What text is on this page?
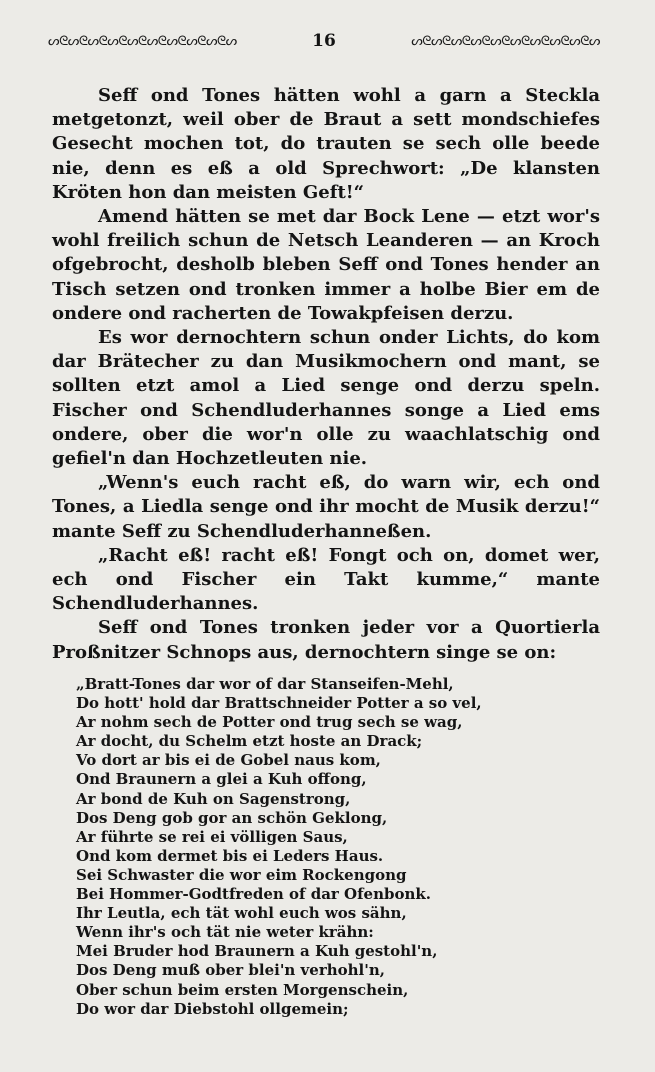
ᔕᘓᔕᘓᔕᘓᔕᘓᔕᘓᔕᘓᔕᘓᔕᘓᔕᘓᔕ	16	ᔕᘓᔕᘓᔕᘓᔕᘓᔕᘓᔕᘓᔕᘓᔕᘓᔕᘓᔕ

Seff ond Tones hätten wohl a garn a Steckla metgetonzt, weil ober de Braut a sett mondschiefes Gesecht mochen tot, do trauten se sech olle beede nie, denn es eß a old Sprechwort: „De klansten Kröten hon dan meisten Geft!“

Amend hätten se met dar Bock Lene — etzt wor's wohl freilich schun de Netsch Leanderen — an Kroch ofgebrocht, desholb bleben Seff ond Tones hender an Tisch setzen ond tronken immer a holbe Bier em de ondere ond racherten de Towakpfeisen derzu.

Es wor dernochtern schun onder Lichts, do kom dar Brätecher zu dan Musikmochern ond mant, se sollten etzt amol a Lied senge ond derzu speln. Fischer ond Schendluderhannes songe a Lied ems ondere, ober die wor'n olle zu waachlatschig ond gefiel'n dan Hochzetleuten nie.

„Wenn's euch racht eß, do warn wir, ech ond Tones, a Liedla senge ond ihr mocht de Musik derzu!“ mante Seff zu Schendluderhanneßen.

„Racht eß! racht eß! Fongt och on, domet wer, ech ond Fischer ein Takt kumme,“ mante Schendluderhannes.

Seff ond Tones tronken jeder vor a Quortierla Proßnitzer Schnops aus, dernochtern singe se on:

„Bratt-Tones dar wor of dar Stanseifen-Mehl,
Do hott' hold dar Brattschneider Potter a so vel,
Ar nohm sech de Potter ond trug sech se wag,
Ar docht, du Schelm etzt hoste an Drack;
Vo dort ar bis ei de Gobel naus kom,
Ond Braunern a glei a Kuh offong,
Ar bond de Kuh on Sagenstrong,
Dos Deng gob gor an schön Geklong,
Ar führte se rei ei völligen Saus,
Ond kom dermet bis ei Leders Haus.
Sei Schwaster die wor eim Rockengong
Bei Hommer-Godtfreden of dar Ofenbonk.
Ihr Leutla, ech tät wohl euch wos sähn,
Wenn ihr's och tät nie weter krähn:
Mei Bruder hod Braunern a Kuh gestohl'n,
Dos Deng muß ober blei'n verhohl'n,
Ober schun beim ersten Morgenschein,
Do wor dar Diebstohl ollgemein;
